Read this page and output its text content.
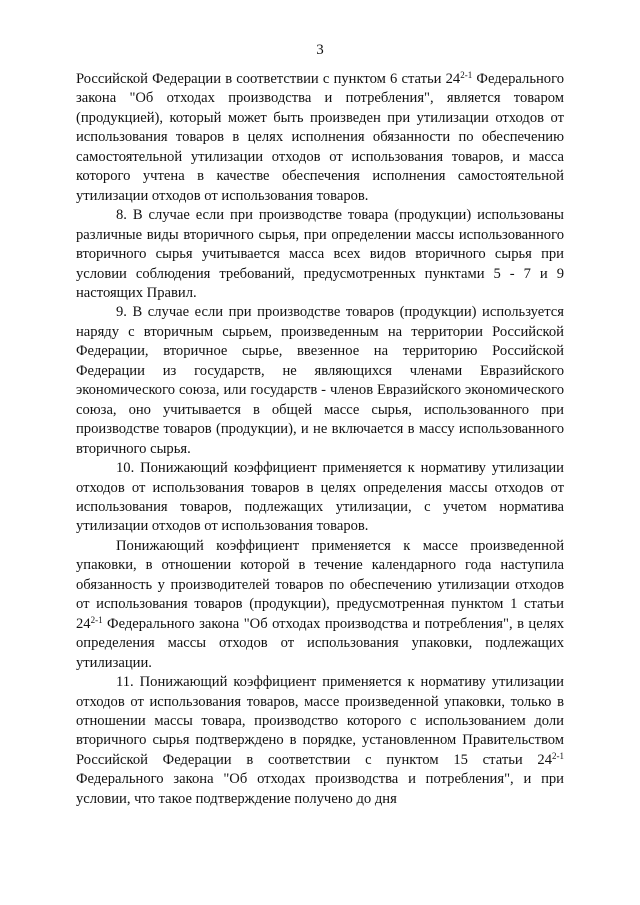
3

Российской Федерации в соответствии с пунктом 6 статьи 24$^{2-1}$ Федерального закона "Об отходах производства и потребления", является товаром (продукцией), который может быть произведен при утилизации отходов от использования товаров в целях исполнения обязанности по обеспечению самостоятельной утилизации отходов от использования товаров, и масса которого учтена в качестве обеспечения исполнения самостоятельной утилизации отходов от использования товаров.

8. В случае если при производстве товара (продукции) использованы различные виды вторичного сырья, при определении массы использованного вторичного сырья учитывается масса всех видов вторичного сырья при условии соблюдения требований, предусмотренных пунктами 5 - 7 и 9 настоящих Правил.

9. В случае если при производстве товаров (продукции) используется наряду с вторичным сырьем, произведенным на территории Российской Федерации, вторичное сырье, ввезенное на территорию Российской Федерации из государств, не являющихся членами Евразийского экономического союза, или государств - членов Евразийского экономического союза, оно учитывается в общей массе сырья, использованного при производстве товаров (продукции), и не включается в массу использованного вторичного сырья.

10. Понижающий коэффициент применяется к нормативу утилизации отходов от использования товаров в целях определения массы отходов от использования товаров, подлежащих утилизации, с учетом норматива утилизации отходов от использования товаров.

Понижающий коэффициент применяется к массе произведенной упаковки, в отношении которой в течение календарного года наступила обязанность у производителей товаров по обеспечению утилизации отходов от использования товаров (продукции), предусмотренная пунктом 1 статьи 24$^{2-1}$ Федерального закона "Об отходах производства и потребления", в целях определения массы отходов от использования упаковки, подлежащих утилизации.

11. Понижающий коэффициент применяется к нормативу утилизации отходов от использования товаров, массе произведенной упаковки, только в отношении массы товара, производство которого с использованием доли вторичного сырья подтверждено в порядке, установленном Правительством Российской Федерации в соответствии с пунктом 15 статьи 24$^{2-1}$ Федерального закона "Об отходах производства и потребления", и при условии, что такое подтверждение получено до дня
